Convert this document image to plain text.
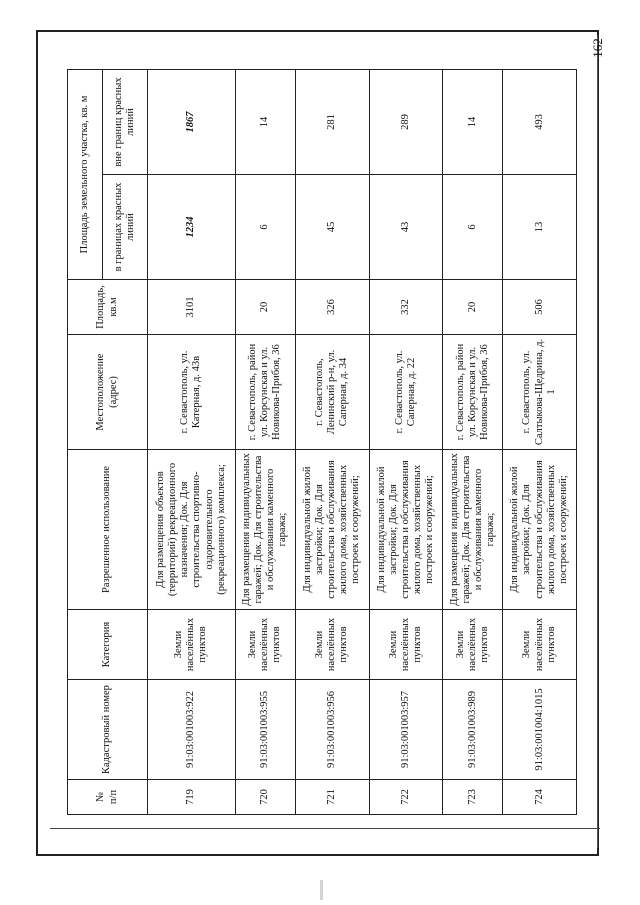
162
№
п/п	Кадастровый номер	Категория	Разрешенное использование	Местоположение (адрес)	Площадь, кв.м	Площадь земельного участка, кв. м	
						в границах красных линий	вне границ красных линий
719	91:03:001003:922	Земли населённых пунктов	Для размещения объектов (территорий) рекреационного назначения; Док. Для строительства спортивно-оздоровительного (рекреационного) комплекса;	г. Севастополь, ул. Катерная, д. 43в	3101	1234	1867
720	91:03:001003:955	Земли населённых пунктов	Для размещения индивидуальных гаражей; Док. Для строительства и обслуживания каменного гаража;	г. Севастополь, район ул. Корсунская и ул. Новикова-Прибоя, 36	20	6	14
721	91:03:001003:956	Земли населённых пунктов	Для индивидуальной жилой застройки; Док. Для строительства и обслуживания жилого дома, хозяйственных построек и сооружений;	г. Севастополь, Ленинский р-н, ул. Саперная, д. 34	326	45	281
722	91:03:001003:957	Земли населённых пунктов	Для индивидуальной жилой застройки; Док. Для строительства и обслуживания жилого дома, хозяйственных построек и сооружений;	г. Севастополь, ул. Саперная, д. 22	332	43	289
723	91:03:001003:989	Земли населённых пунктов	Для размещения индивидуальных гаражей; Док. Для строительства и обслуживания каменного гаража;	г. Севастополь, район ул. Корсунская и ул. Новикова-Прибоя, 36	20	6	14
724	91:03:001004:1015	Земли населённых пунктов	Для индивидуальной жилой застройки; Док. Для строительства и обслуживания жилого дома, хозяйственных построек и сооружений;	г. Севастополь, ул. Салтыкова-Щедрина, д. 1	506	13	493
